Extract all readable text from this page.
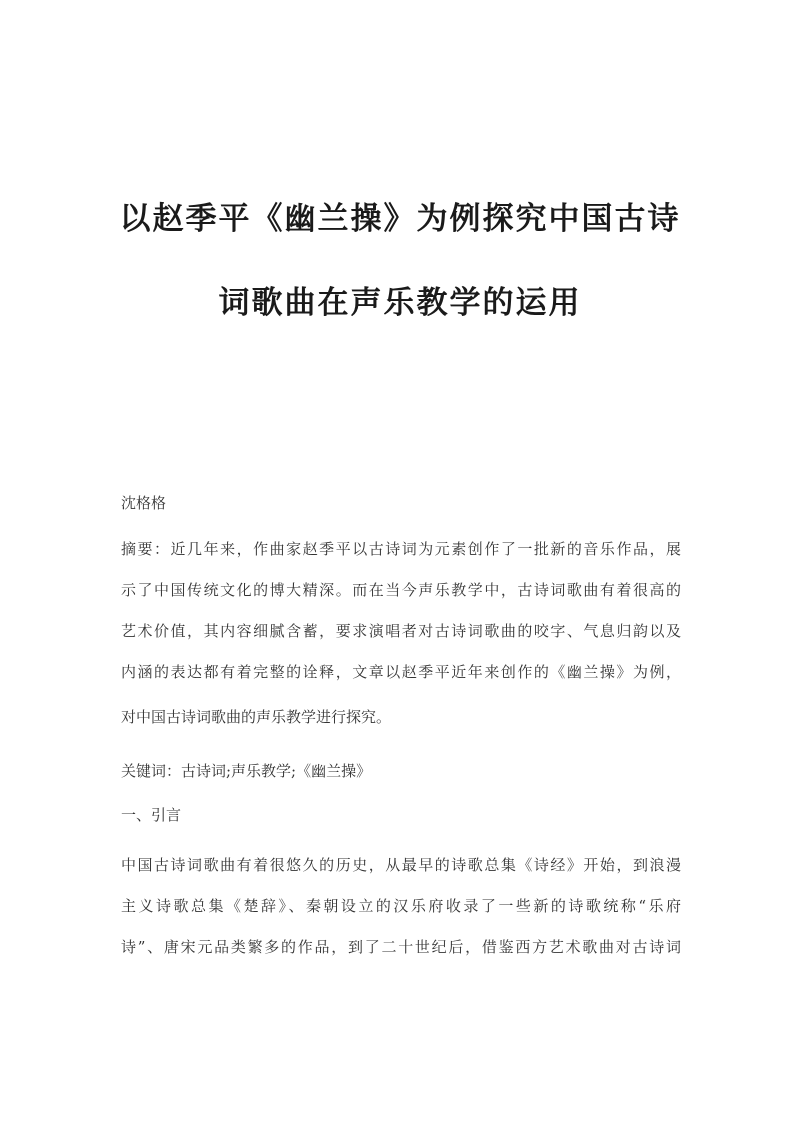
以赵季平《幽兰操》为例探究中国古诗
词歌曲在声乐教学的运用
沈格格
摘要：近几年来，作曲家赵季平以古诗词为元素创作了一批新的音乐作品，展
示了中国传统文化的博大精深。而在当今声乐教学中，古诗词歌曲有着很高的
艺术价值，其内容细腻含蓄，要求演唱者对古诗词歌曲的咬字、气息归韵以及
内涵的表达都有着完整的诠释，文章以赵季平近年来创作的《幽兰操》为例，
对中国古诗词歌曲的声乐教学进行探究。
关键词：古诗词;声乐教学;《幽兰操》
一、引言
中国古诗词歌曲有着很悠久的历史，从最早的诗歌总集《诗经》开始，到浪漫
主义诗歌总集《楚辞》、秦朝设立的汉乐府收录了一些新的诗歌统称“乐府
诗”、唐宋元品类繁多的作品，到了二十世纪后，借鉴西方艺术歌曲对古诗词
